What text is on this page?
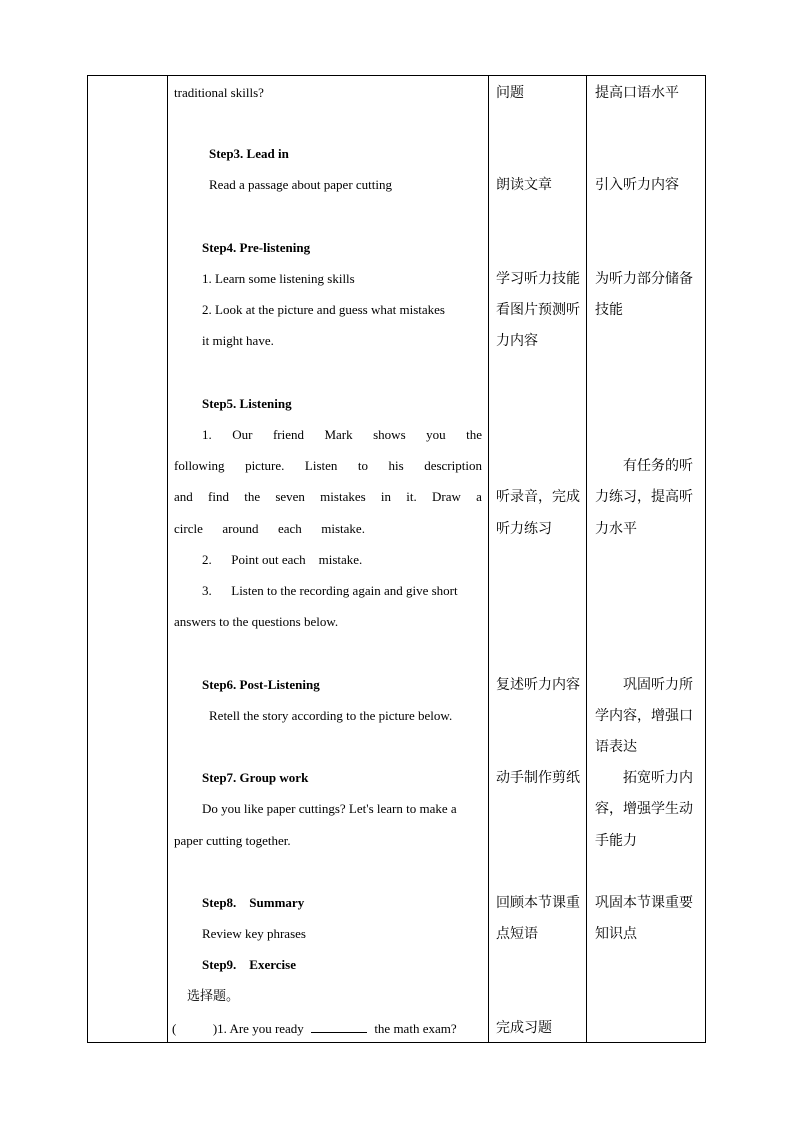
traditional skills?
Step3. Lead in
Read a passage about paper cutting
Step4. Pre-listening
1. Learn some listening skills
2. Look at the picture and guess what mistakes
it might have.
Step5. Listening
1. Our friend Mark shows you the
following picture. Listen to his description
and find the seven mistakes in it. Draw a
circle      around      each      mistake.
2.      Point out each    mistake.
3.      Listen to the recording again and give short
answers to the questions below.
Step6. Post-Listening
Retell the story according to the picture below.
Step7. Group work
Do you like paper cuttings? Let's learn to make a
paper cutting together.
Step8.    Summary
Review key phrases
Step9.    Exercise
选择题。
(	)1. Are you ready	the math exam?
问题
朗读文章
学习听力技能
看图片预测听
力内容
听录音，完成
听力练习
复述听力内容
动手制作剪纸
回顾本节课重
点短语
完成习题
提高口语水平
引入听力内容
为听力部分储备
技能
有任务的听
力练习，提高听
力水平
巩固听力所
学内容，增强口
语表达
拓宽听力内
容，增强学生动
手能力
巩固本节课重要
知识点
